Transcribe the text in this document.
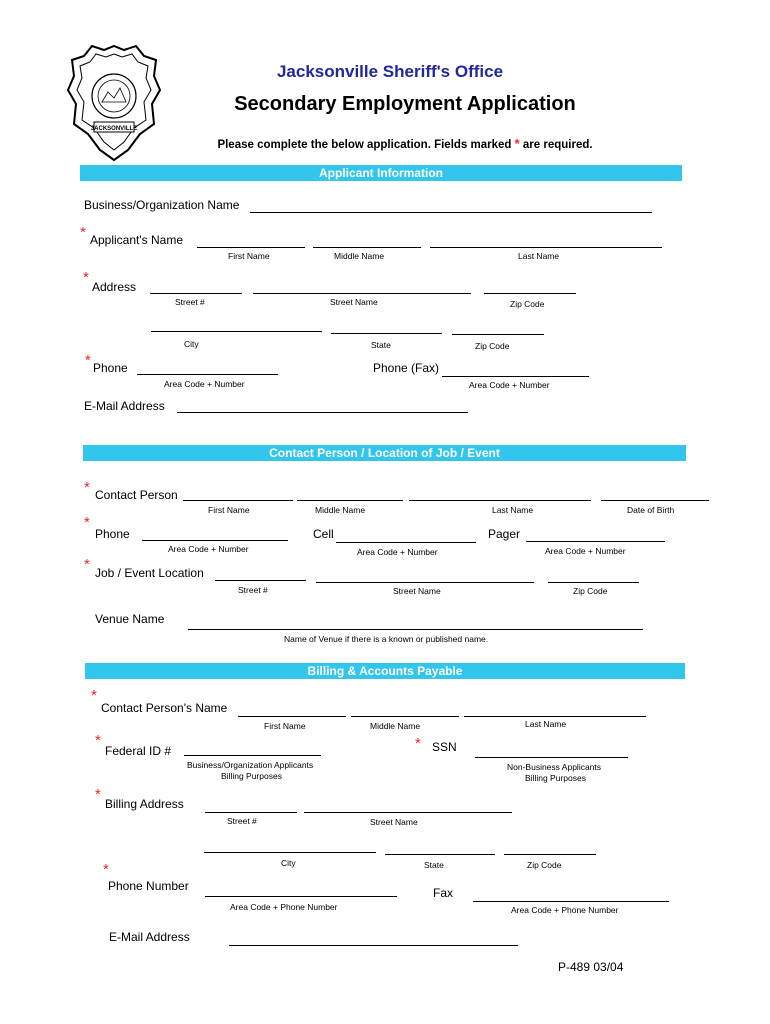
JACKSONVILLE
Jacksonville Sheriff's Office
Secondary Employment Application
Please complete the below application. Fields marked * are required.
Applicant Information
Business/Organization Name
* Applicant's Name
First Name	Middle Name	Last Name
*
Address
Street #	Street Name	Zip Code
City	State	Zip Code
* Phone
Area Code + Number
Phone (Fax)
Area Code + Number
E-Mail Address
Contact Person / Location of Job / Event
* Contact Person
First Name	Middle Name	Last Name	Date of Birth
*
Phone
Area Code + Number
Cell
Area Code + Number
Pager
Area Code + Number
* Job / Event Location
Street #	Street Name	Zip Code
Venue Name
Name of Venue if there is a known or published name.
Billing & Accounts Payable
*
Contact Person's Name
First Name	Middle Name	Last Name
*
Federal ID #
Business/Organization Applicants
Billing Purposes
* SSN
Non-Business Applicants
Billing Purposes
*
Billing Address
Street #	Street Name
City	State	Zip Code
*
Phone Number
Area Code + Phone Number
Fax
Area Code + Phone Number
E-Mail Address
P-489 03/04
